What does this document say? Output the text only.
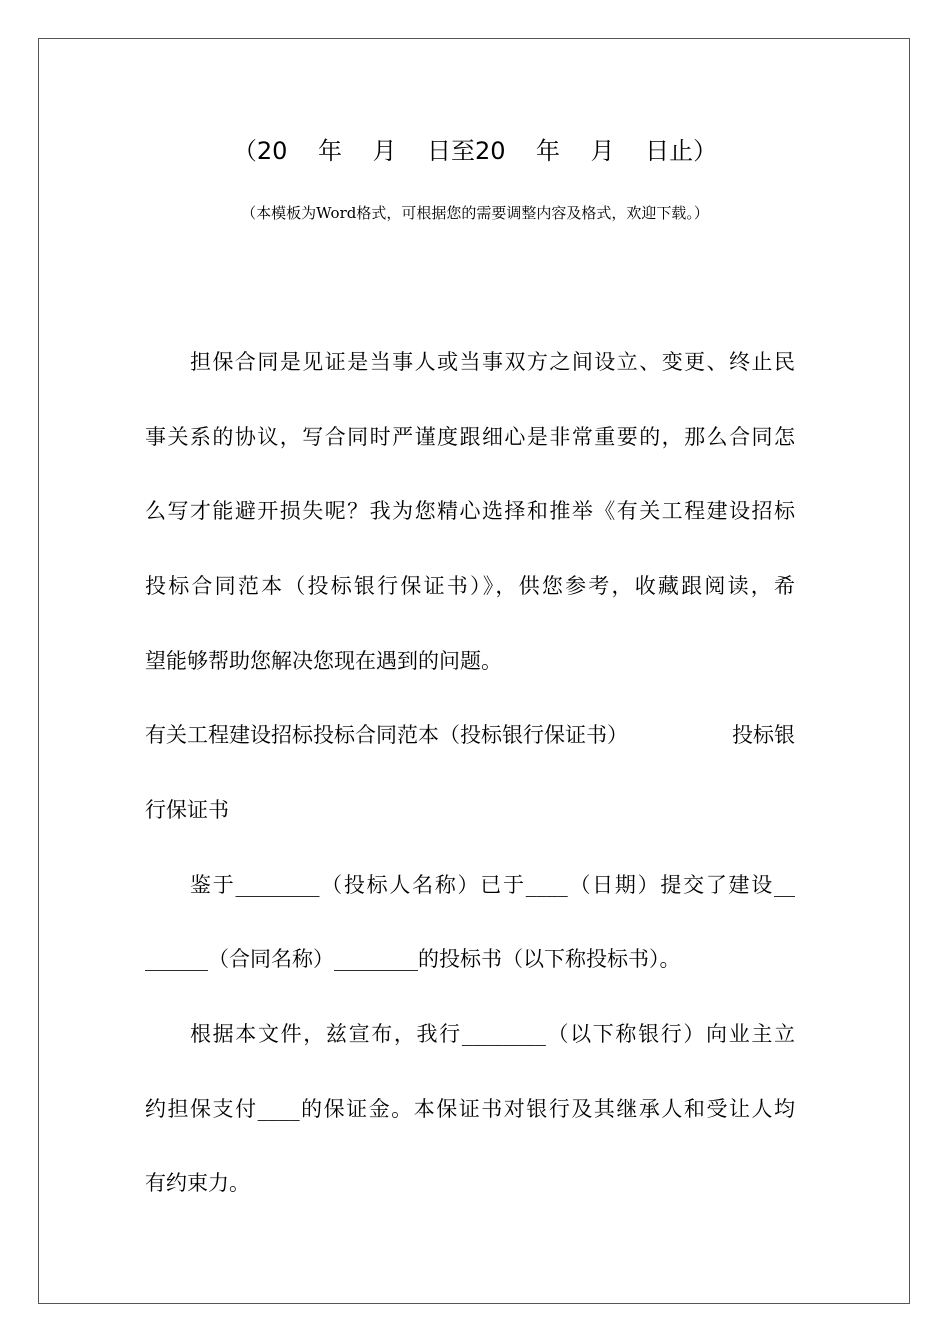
（20    年    月    日至20    年    月    日止）
（本模板为Word格式，可根据您的需要调整内容及格式，欢迎下载。）
担保合同是见证是当事人或当事双方之间设立、变更、终止民
事关系的协议，写合同时严谨度跟细心是非常重要的，那么合同怎
么写才能避开损失呢？我为您精心选择和推举《有关工程建设招标
投标合同范本（投标银行保证书）》，供您参考，收藏跟阅读，希
望能够帮助您解决您现在遇到的问题。
有关工程建设招标投标合同范本（投标银行保证书）	投标银
行保证书
鉴于________（投标人名称）已于____（日期）提交了建设__
______（合同名称）________的投标书（以下称投标书）。
根据本文件，兹宣布，我行________（以下称银行）向业主立
约担保支付____的保证金。本保证书对银行及其继承人和受让人均
有约束力。
